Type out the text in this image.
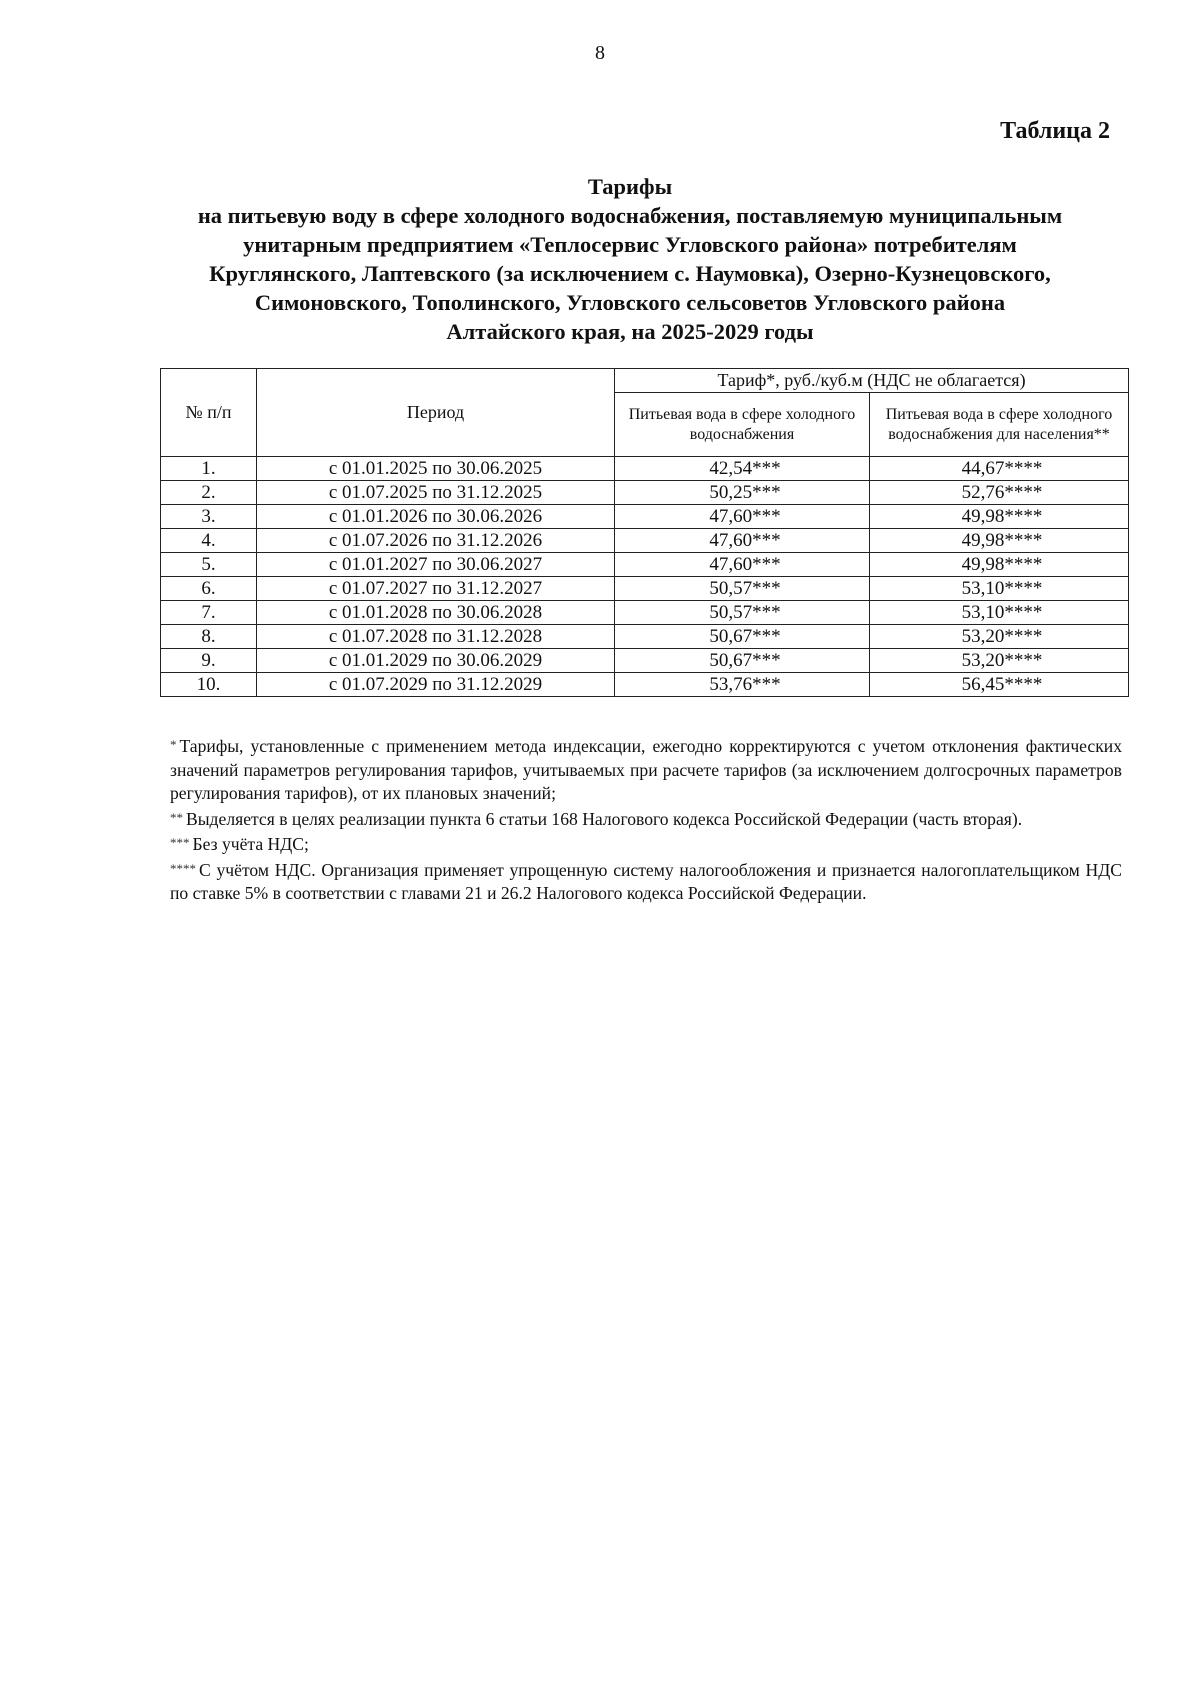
8
Таблица 2
Тарифы
на питьевую воду в сфере холодного водоснабжения, поставляемую муниципальным
унитарным предприятием «Теплосервис Угловского района» потребителям
Круглянского, Лаптевского (за исключением с. Наумовка), Озерно-Кузнецовского,
Симоновского, Тополинского, Угловского сельсоветов Угловского района
Алтайского края, на 2025-2029 годы
№ п/п	Период	Тариф*, руб./куб.м (НДС не облагается)	
		Питьевая вода в сфере холодного водоснабжения	Питьевая вода в сфере холодного водоснабжения для населения**
1.	с 01.01.2025 по 30.06.2025	42,54***	44,67****
2.	с 01.07.2025 по 31.12.2025	50,25***	52,76****
3.	с 01.01.2026 по 30.06.2026	47,60***	49,98****
4.	с 01.07.2026 по 31.12.2026	47,60***	49,98****
5.	с 01.01.2027 по 30.06.2027	47,60***	49,98****
6.	с 01.07.2027 по 31.12.2027	50,57***	53,10****
7.	с 01.01.2028 по 30.06.2028	50,57***	53,10****
8.	с 01.07.2028 по 31.12.2028	50,67***	53,20****
9.	с 01.01.2029 по 30.06.2029	50,67***	53,20****
10.	с 01.07.2029 по 31.12.2029	53,76***	56,45****

* Тарифы, установленные с применением метода индексации, ежегодно корректируются с учетом отклонения фактических значений параметров регулирования тарифов, учитываемых при расчете тарифов (за исключением долгосрочных параметров регулирования тарифов), от их плановых значений;

** Выделяется в целях реализации пункта 6 статьи 168 Налогового кодекса Российской Федерации (часть вторая).

*** Без учёта НДС;

**** С учётом НДС. Организация применяет упрощенную систему налогообложения и признается налогоплательщиком НДС по ставке 5% в соответствии с главами 21 и 26.2 Налогового кодекса Российской Федерации.
